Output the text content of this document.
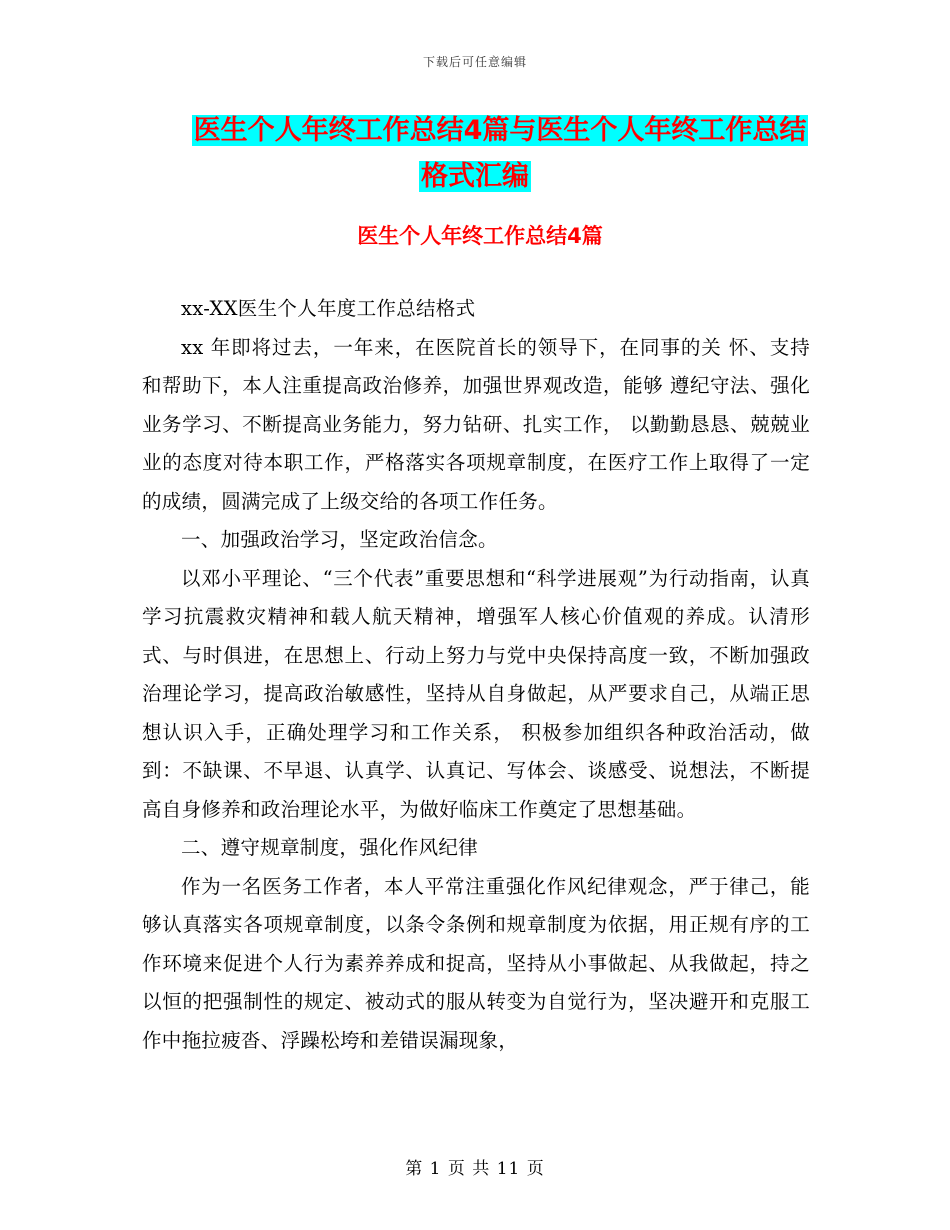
下载后可任意编辑
医生个人年终工作总结4篇与医生个人年终工作总结
格式汇编
医生个人年终工作总结4篇

xx-XX医生个人年度工作总结格式

xx 年即将过去，一年来，在医院首长的领导下，在同事的关 怀、支持和帮助下，本人注重提高政治修养，加强世界观改造，能够 遵纪守法、强化业务学习、不断提高业务能力，努力钻研、扎实工作， 以勤勤恳恳、兢兢业业的态度对待本职工作，严格落实各项规章制度，在医疗工作上取得了一定的成绩，圆满完成了上级交给的各项工作任务。

一、加强政治学习，坚定政治信念。

以邓小平理论、“三个代表”重要思想和“科学进展观”为行动指南，认真学习抗震救灾精神和载人航天精神，增强军人核心价值观的养成。认清形式、与时俱进，在思想上、行动上努力与党中央保持高度一致，不断加强政治理论学习，提高政治敏感性，坚持从自身做起，从严要求自己，从端正思想认识入手，正确处理学习和工作关系， 积极参加组织各种政治活动，做到：不缺课、不早退、认真学、认真记、写体会、谈感受、说想法，不断提高自身修养和政治理论水平，为做好临床工作奠定了思想基础。

二、遵守规章制度，强化作风纪律

作为一名医务工作者，本人平常注重强化作风纪律观念，严于律己，能够认真落实各项规章制度，以条令条例和规章制度为依据，用正规有序的工作环境来促进个人行为素养养成和捉高，坚持从小事做起、从我做起，持之以恒的把强制性的规定、被动式的服从转变为自觉行为，坚决避开和克服工作中拖拉疲沓、浮躁松垮和差错误漏现象，

第 1 页 共 11 页
